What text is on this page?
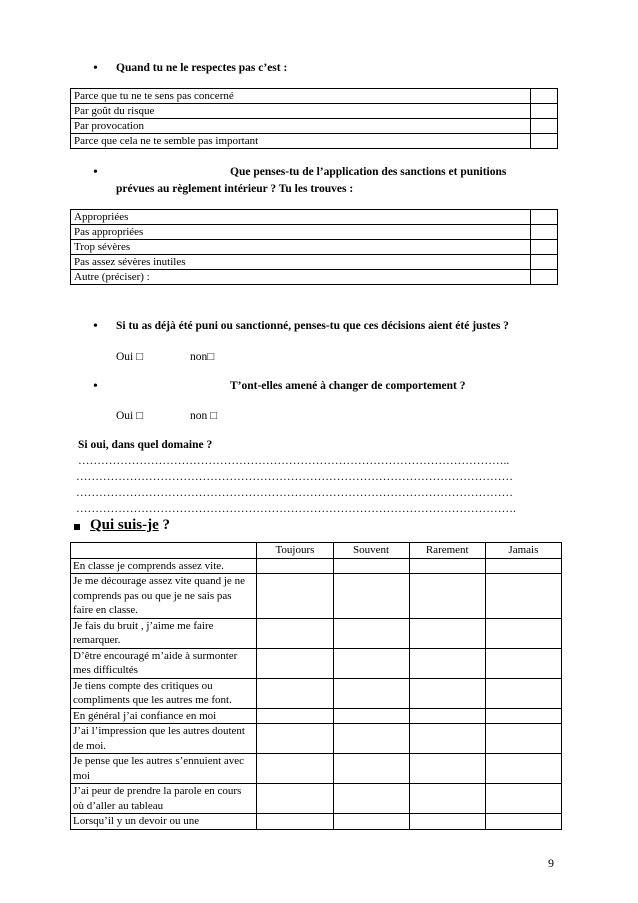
• Quand tu ne le respectes pas c’est :
Parce que tu ne te sens pas concerné	
Par goût du risque	
Par provocation	
Parce que cela ne te semble pas important	
•	Que penses-tu de l’application des sanctions et punitions
prévues au règlement intérieur ? Tu les trouves :
Appropriées	
Pas appropriées	
Trop sévères	
Pas assez sévères inutiles	
Autre (préciser) :	
• Si tu as déjà été puni ou sanctionné, penses-tu que ces décisions aient été justes ?
Oui □	non□
•	T’ont-elles amené à changer de comportement ?
Oui □	non □
Si oui, dans quel domaine ?
…………………………………………………………………………………………………..
……………………………………………………………………………………………………
……………………………………………………………………………………………………
…………………………………………………………………………………………………….
Qui suis-je ?
	Toujours	Souvent	Rarement	Jamais
En classe je comprends assez vite.				
Je me décourage assez vite quand je ne comprends pas ou que je ne sais pas faire en classe.				
Je fais du bruit , j’aime me faire remarquer.				
D’être encouragé m’aide à surmonter mes difficultés				
Je tiens compte des critiques ou compliments que les autres me font.				
En général j’ai confiance en moi				
J’ai l’impression que les autres doutent de moi.				
Je pense que les autres s’ennuient avec moi				
J’ai peur de prendre la parole en cours où d’aller au tableau				
Lorsqu’il y un devoir ou une				
9
